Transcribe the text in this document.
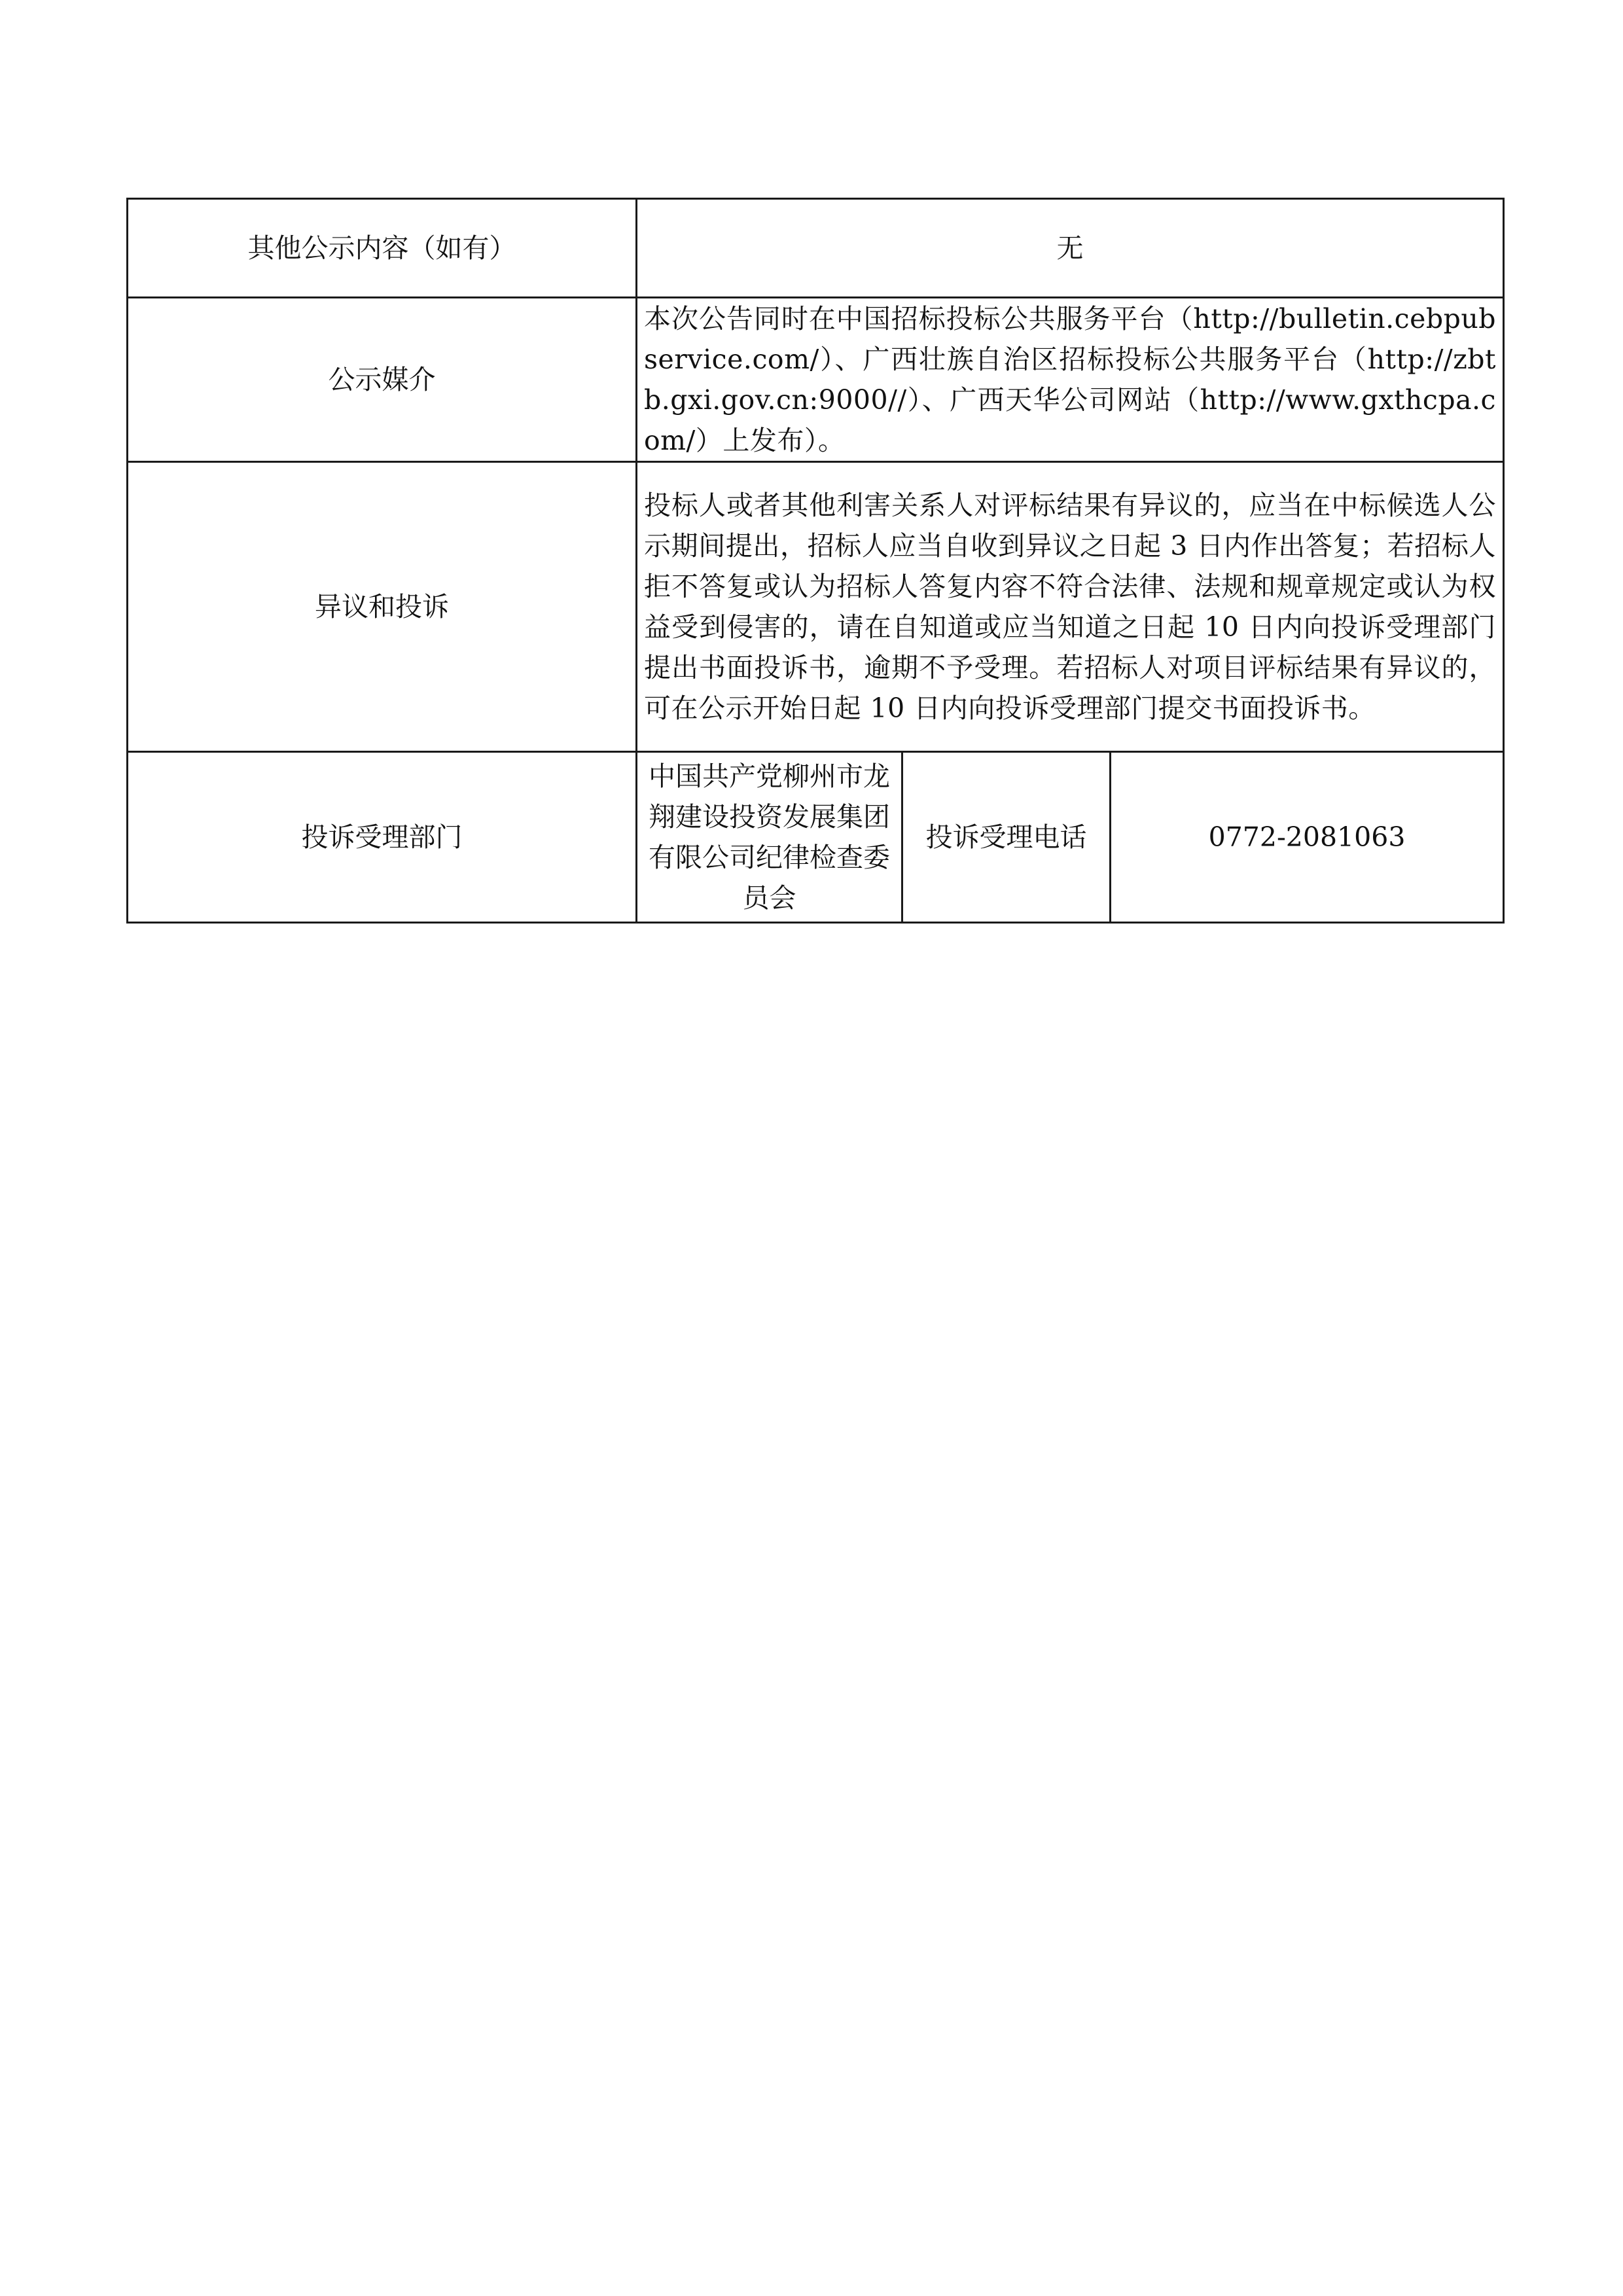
其他公示内容（如有）	无		
公示媒介	本次公告同时在中国招标投标公共服务平台（http://bulletin.cebpubservice.com/）、广西壮族自治区招标投标公共服务平台（http://zbtb.gxi.gov.cn:9000//）、广西天华公司网站（http://www.gxthcpa.com/）上发布）。		
异议和投诉	投标人或者其他利害关系人对评标结果有异议的，应当在中标候选人公示期间提出，招标人应当自收到异议之日起 3 日内作出答复；若招标人拒不答复或认为招标人答复内容不符合法律、法规和规章规定或认为权益受到侵害的，请在自知道或应当知道之日起 10 日内向投诉受理部门提出书面投诉书，逾期不予受理。若招标人对项目评标结果有异议的，可在公示开始日起 10 日内向投诉受理部门提交书面投诉书。		
投诉受理部门	中国共产党柳州市龙翔建设投资发展集团有限公司纪律检查委员会	投诉受理电话	0772-2081063
